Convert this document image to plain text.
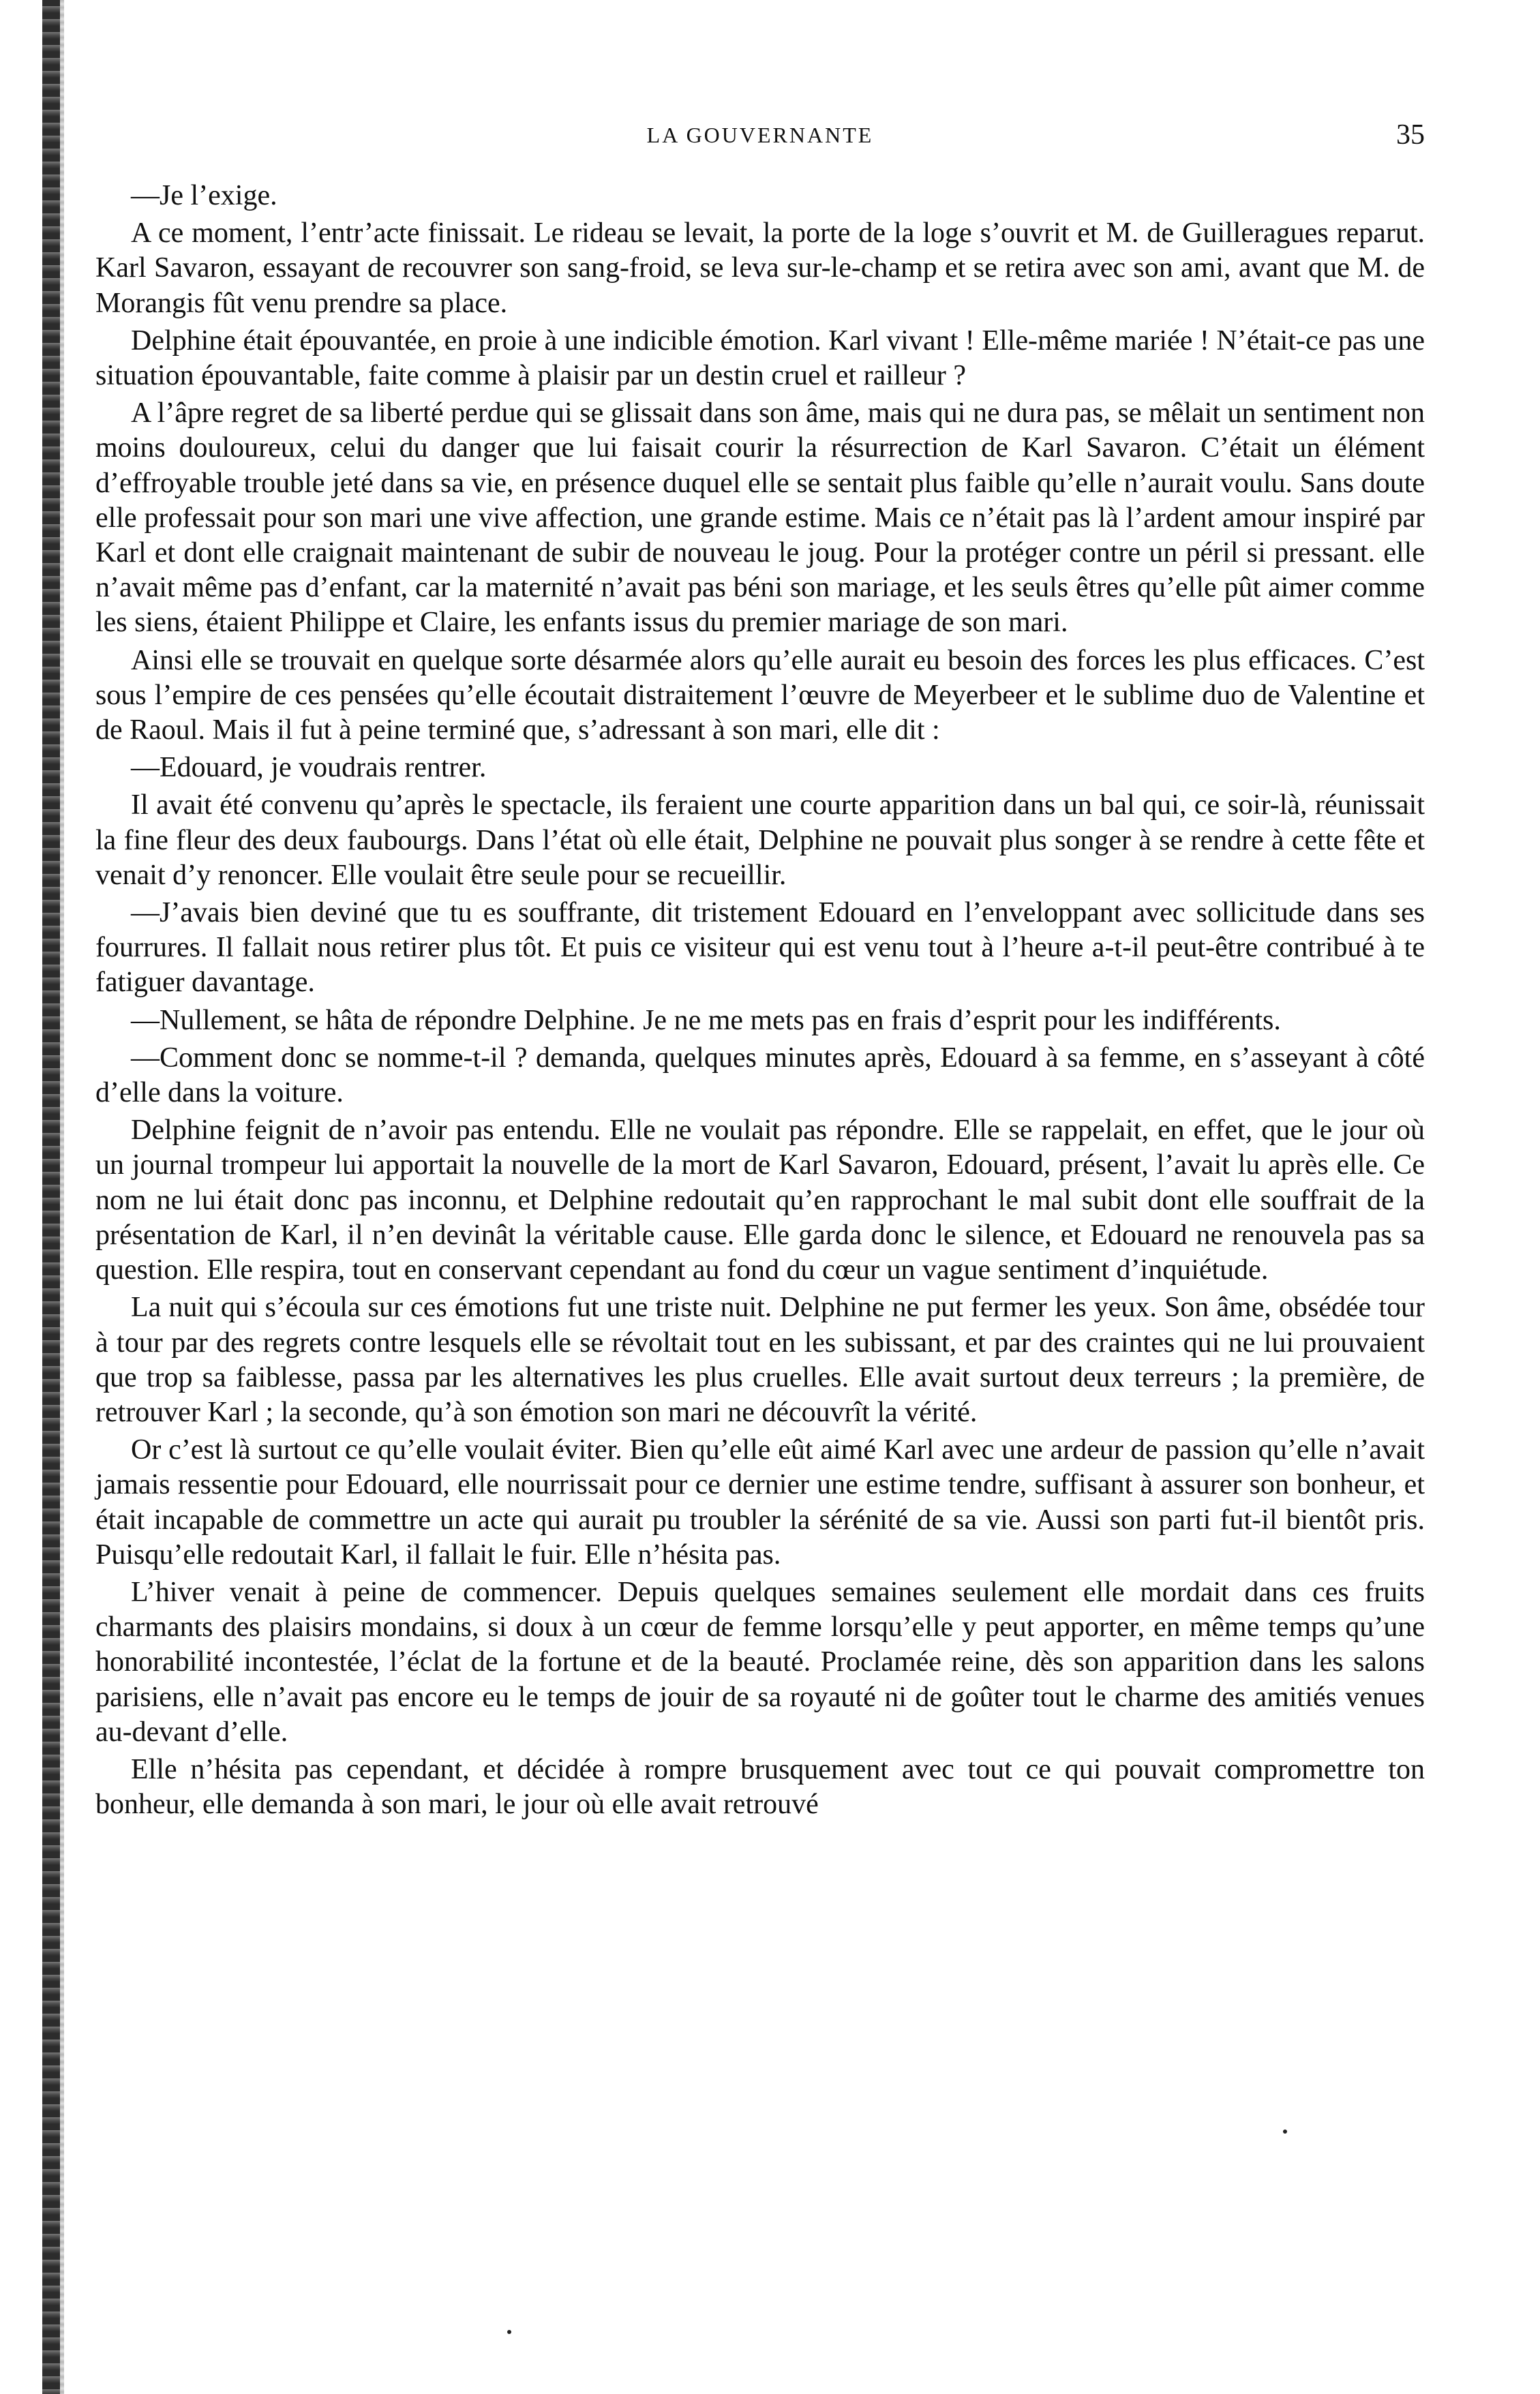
LA GOUVERNANTE	35

—Je l’exige.

A ce moment, l’entr’acte finissait. Le rideau se levait, la porte de la loge s’ouvrit et M. de Guilleragues reparut. Karl Savaron, essayant de recouvrer son sang-froid, se leva sur-le-champ et se retira avec son ami, avant que M. de Morangis fût venu prendre sa place.

Delphine était épouvantée, en proie à une indicible émotion. Karl vivant ! Elle-même mariée ! N’était-ce pas une situation épouvantable, faite comme à plaisir par un destin cruel et railleur ?

A l’âpre regret de sa liberté perdue qui se glissait dans son âme, mais qui ne dura pas, se mêlait un sentiment non moins douloureux, celui du danger que lui faisait courir la résurrection de Karl Savaron. C’était un élément d’effroyable trouble jeté dans sa vie, en présence duquel elle se sentait plus faible qu’elle n’aurait voulu. Sans doute elle professait pour son mari une vive affection, une grande estime. Mais ce n’était pas là l’ardent amour inspiré par Karl et dont elle craignait maintenant de subir de nouveau le joug. Pour la protéger contre un péril si pressant. elle n’avait même pas d’enfant, car la maternité n’avait pas béni son mariage, et les seuls êtres qu’elle pût aimer comme les siens, étaient Philippe et Claire, les enfants issus du premier mariage de son mari.

Ainsi elle se trouvait en quelque sorte désarmée alors qu’elle aurait eu besoin des forces les plus efficaces. C’est sous l’empire de ces pensées qu’elle écoutait distraitement l’œuvre de Meyerbeer et le sublime duo de Valentine et de Raoul. Mais il fut à peine terminé que, s’adressant à son mari, elle dit :

—Edouard, je voudrais rentrer.

Il avait été convenu qu’après le spectacle, ils feraient une courte apparition dans un bal qui, ce soir-là, réunissait la fine fleur des deux faubourgs. Dans l’état où elle était, Delphine ne pouvait plus songer à se rendre à cette fête et venait d’y renoncer. Elle voulait être seule pour se recueillir.

—J’avais bien deviné que tu es souffrante, dit tristement Edouard en l’enveloppant avec sollicitude dans ses fourrures. Il fallait nous retirer plus tôt. Et puis ce visiteur qui est venu tout à l’heure a-t-il peut-être contribué à te fatiguer davantage.

—Nullement, se hâta de répondre Delphine. Je ne me mets pas en frais d’esprit pour les indifférents.

—Comment donc se nomme-t-il ? demanda, quelques minutes après, Edouard à sa femme, en s’asseyant à côté d’elle dans la voiture.

Delphine feignit de n’avoir pas entendu. Elle ne voulait pas répondre. Elle se rappelait, en effet, que le jour où un journal trompeur lui apportait la nouvelle de la mort de Karl Savaron, Edouard, présent, l’avait lu après elle. Ce nom ne lui était donc pas inconnu, et Delphine redoutait qu’en rapprochant le mal subit dont elle souffrait de la présentation de Karl, il n’en devinât la véritable cause. Elle garda donc le silence, et Edouard ne renouvela pas sa question. Elle respira, tout en conservant cependant au fond du cœur un vague sentiment d’inquiétude.

La nuit qui s’écoula sur ces émotions fut une triste nuit. Delphine ne put fermer les yeux. Son âme, obsédée tour à tour par des regrets contre lesquels elle se révoltait tout en les subissant, et par des craintes qui ne lui prouvaient que trop sa faiblesse, passa par les alternatives les plus cruelles. Elle avait surtout deux terreurs ; la première, de retrouver Karl ; la seconde, qu’à son émotion son mari ne découvrît la vérité.

Or c’est là surtout ce qu’elle voulait éviter. Bien qu’elle eût aimé Karl avec une ardeur de passion qu’elle n’avait jamais ressentie pour Edouard, elle nourrissait pour ce dernier une estime tendre, suffisant à assurer son bonheur, et était incapable de commettre un acte qui aurait pu troubler la sérénité de sa vie. Aussi son parti fut-il bientôt pris. Puisqu’elle redoutait Karl, il fallait le fuir. Elle n’hésita pas.

L’hiver venait à peine de commencer. Depuis quelques semaines seulement elle mordait dans ces fruits charmants des plaisirs mondains, si doux à un cœur de femme lorsqu’elle y peut apporter, en même temps qu’une honorabilité incontestée, l’éclat de la fortune et de la beauté. Proclamée reine, dès son apparition dans les salons parisiens, elle n’avait pas encore eu le temps de jouir de sa royauté ni de goûter tout le charme des amitiés venues au-devant d’elle.

Elle n’hésita pas cependant, et décidée à rompre brusquement avec tout ce qui pouvait compromettre ton bonheur, elle demanda à son mari, le jour où elle avait retrouvé
